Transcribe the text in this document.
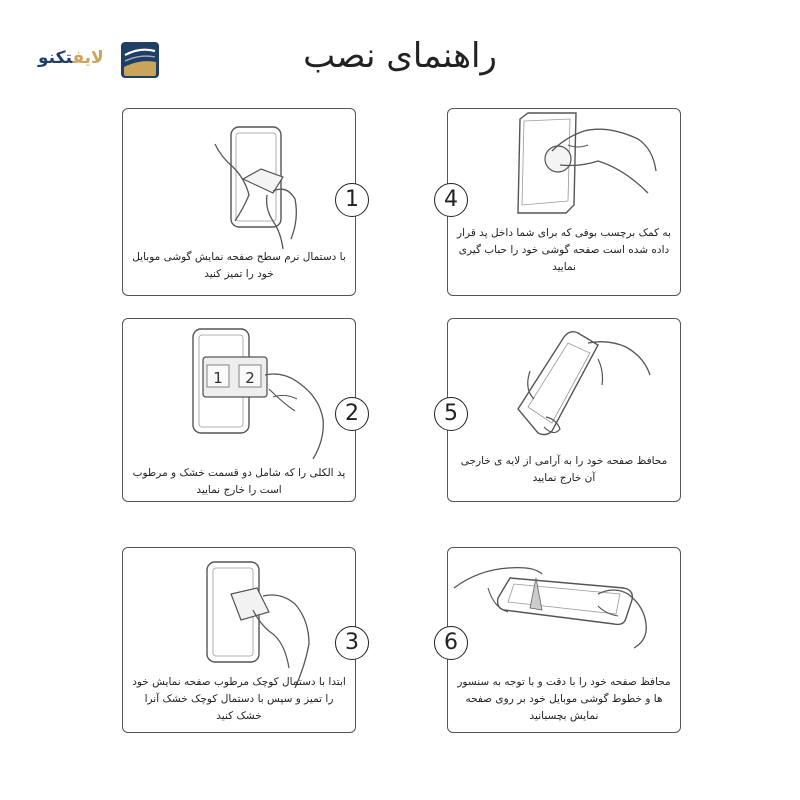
لایفتکنو	راهنمای نصب
1
با دستمال نرم سطح صفحه نمایش گوشی موبایل خود را تمیز کنید
4
به کمک برچسب بوفی که برای شما داخل پد قرار داده شده است صفحه گوشی خود را حباب گیری نمایید
1 2
2
پد الکلی را که شامل دو قسمت خشک و مرطوب است را خارج نمایید
5
محافظ صفحه خود را به آرامی از لایه ی خارجی آن خارج نمایید
3
ابتدا با دستمال کوچک مرطوب صفحه نمایش خود را تمیز و سپس با دستمال کوچک خشک آنرا خشک کنید
6
محافظ صفحه خود را با دقت و با توجه به سنسور ها و خطوط گوشی موبایل خود بر روی صفحه نمایش بچسبانید
